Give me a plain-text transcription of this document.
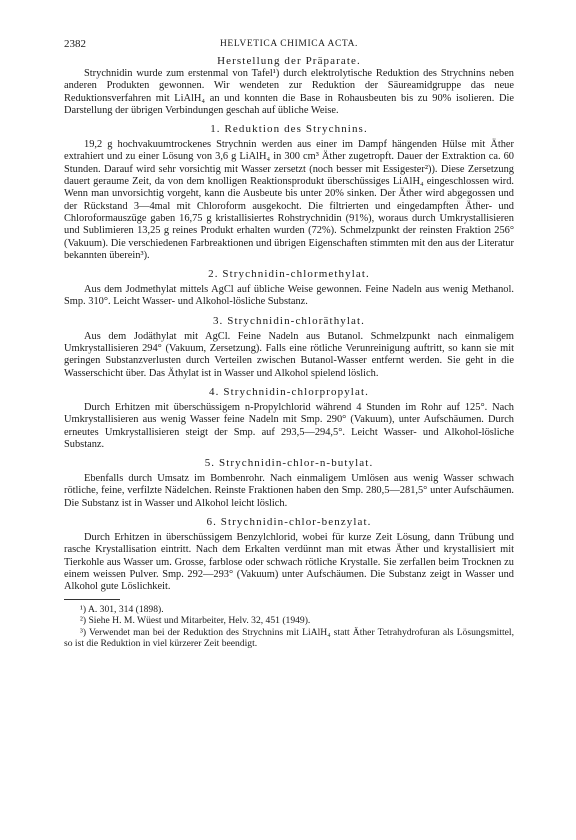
2382	HELVETICA CHIMICA ACTA.
Herstellung der Präparate.

Strychnidin wurde zum erstenmal von Tafel¹) durch elektrolytische Reduktion des Strychnins neben anderen Produkten gewonnen. Wir wendeten zur Reduktion der Säureamidgruppe das neue Reduktionsverfahren mit LiAlH₄ an und konnten die Base in Rohausbeuten bis zu 90% isolieren. Die Darstellung der übrigen Verbindungen geschah auf übliche Weise.

1. Reduktion des Strychnins.

19,2 g hochvakuumtrockenes Strychnin werden aus einer im Dampf hängenden Hülse mit Äther extrahiert und zu einer Lösung von 3,6 g LiAlH₄ in 300 cm³ Äther zugetropft. Dauer der Extraktion ca. 60 Stunden. Darauf wird sehr vorsichtig mit Wasser zersetzt (noch besser mit Essigester²)). Diese Zersetzung dauert geraume Zeit, da von dem knolligen Reaktionsprodukt überschüssiges LiAlH₄ eingeschlossen wird. Wenn man unvorsichtig vorgeht, kann die Ausbeute bis unter 20% sinken. Der Äther wird abgegossen und der Rückstand 3—4mal mit Chloroform ausgekocht. Die filtrierten und eingedampften Äther- und Chloroformauszüge gaben 16,75 g kristallisiertes Rohstrychnidin (91%), woraus durch Umkrystallisieren und Sublimieren 13,25 g reines Produkt erhalten wurden (72%). Schmelzpunkt der reinsten Fraktion 256° (Vakuum). Die verschiedenen Farbreaktionen und übrigen Eigenschaften stimmten mit den aus der Literatur bekannten überein³).

2. Strychnidin-chlormethylat.

Aus dem Jodmethylat mittels AgCl auf übliche Weise gewonnen. Feine Nadeln aus wenig Methanol. Smp. 310°. Leicht Wasser- und Alkohol-lösliche Substanz.

3. Strychnidin-chloräthylat.

Aus dem Jodäthylat mit AgCl. Feine Nadeln aus Butanol. Schmelzpunkt nach einmaligem Umkrystallisieren 294° (Vakuum, Zersetzung). Falls eine rötliche Verunreinigung auftritt, so kann sie mit geringen Substanzverlusten durch Verteilen zwischen Butanol-Wasser entfernt werden. Sie geht in die Wasserschicht über. Das Äthylat ist in Wasser und Alkohol spielend löslich.

4. Strychnidin-chlorpropylat.

Durch Erhitzen mit überschüssigem n-Propylchlorid während 4 Stunden im Rohr auf 125°. Nach Umkrystallisieren aus wenig Wasser feine Nadeln mit Smp. 290° (Vakuum), unter Aufschäumen. Durch erneutes Umkrystallisieren steigt der Smp. auf 293,5—294,5°. Leicht Wasser- und Alkohol-lösliche Substanz.

5. Strychnidin-chlor-n-butylat.

Ebenfalls durch Umsatz im Bombenrohr. Nach einmaligem Umlösen aus wenig Wasser schwach rötliche, feine, verfilzte Nädelchen. Reinste Fraktionen haben den Smp. 280,5—281,5° unter Aufschäumen. Die Substanz ist in Wasser und Alkohol leicht löslich.

6. Strychnidin-chlor-benzylat.

Durch Erhitzen in überschüssigem Benzylchlorid, wobei für kurze Zeit Lösung, dann Trübung und rasche Krystallisation eintritt. Nach dem Erkalten verdünnt man mit etwas Äther und krystallisiert mit Tierkohle aus Wasser um. Grosse, farblose oder schwach rötliche Krystalle. Sie zerfallen beim Trocknen zu einem weissen Pulver. Smp. 292—293° (Vakuum) unter Aufschäumen. Die Substanz zeigt in Wasser und Alkohol gute Löslichkeit.

¹) A. 301, 314 (1898).

²) Siehe H. M. Wüest und Mitarbeiter, Helv. 32, 451 (1949).

³) Verwendet man bei der Reduktion des Strychnins mit LiAlH₄ statt Äther Tetrahydrofuran als Lösungsmittel, so ist die Reduktion in viel kürzerer Zeit beendigt.
